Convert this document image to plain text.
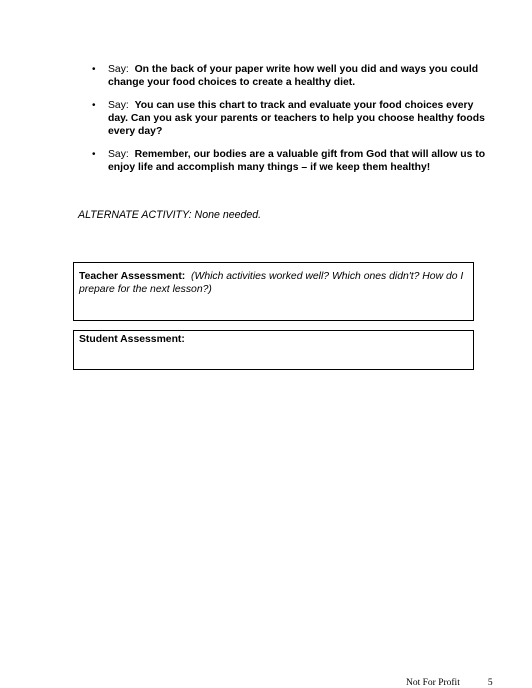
• Say: On the back of your paper write how well you did and ways you could change your food choices to create a healthy diet.
• Say: You can use this chart to track and evaluate your food choices every day. Can you ask your parents or teachers to help you choose healthy foods every day?
• Say: Remember, our bodies are a valuable gift from God that will allow us to enjoy life and accomplish many things – if we keep them healthy!
ALTERNATE ACTIVITY: None needed.
Teacher Assessment: (Which activities worked well? Which ones didn't? How do I prepare for the next lesson?)
Student Assessment:
Not For Profit	5
